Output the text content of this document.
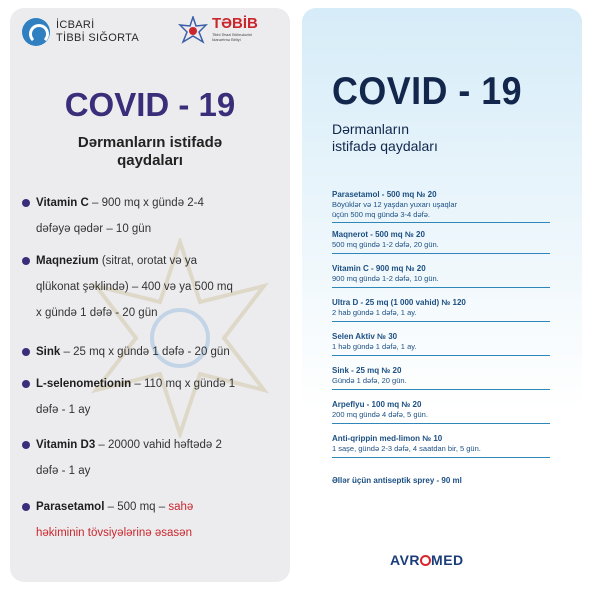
İCBARİ
TİBBİ SIĞORTA
TƏBİB
Tibbi Ərazi Bölmələrini İdarəetmə Birliyi
COVID - 19
Dərmanların istifadə
qaydaları
Vitamin C – 900 mq x gündə 2-4
dəfəyə qədər – 10 gün
Maqnezium (sitrat, orotat və ya
qlükonat şəklində) – 400 və ya 500 mq
x gündə 1 dəfə - 20 gün
Sink – 25 mq x gündə 1 dəfə - 20 gün
L-selenometionin – 110 mq x gündə 1
dəfə - 1 ay
Vitamin D3 – 20000 vahid həftədə 2
dəfə - 1 ay
Parasetamol – 500 mq – sahə
həkiminin tövsiyələrinə əsasən
COVID - 19
Dərmanların
istifadə qaydaları
Parasetamol - 500 mq № 20
Böyüklər və 12 yaşdan yuxarı uşaqlar
üçün 500 mq gündə 3-4 dəfə.
Maqnerot - 500 mq № 20
500 mq gündə 1-2 dəfə, 20 gün.
Vitamin C - 900 mq № 20
900 mq gündə 1-2 dəfə, 10 gün.
Ultra D - 25 mq (1 000 vahid) № 120
2 hab gündə 1 dəfə, 1 ay.
Selen Aktiv № 30
1 həb gündə 1 dəfə, 1 ay.
Sink - 25 mq № 20
Gündə 1 dəfə, 20 gün.
Arpeflyu - 100 mq № 20
200 mq gündə 4 dəfə, 5 gün.
Anti-qrippin med-limon № 10
1 saşe, gündə 2-3 dəfə, 4 saatdan bir, 5 gün.
Əllər üçün antiseptik sprey - 90 ml
AVR MED
